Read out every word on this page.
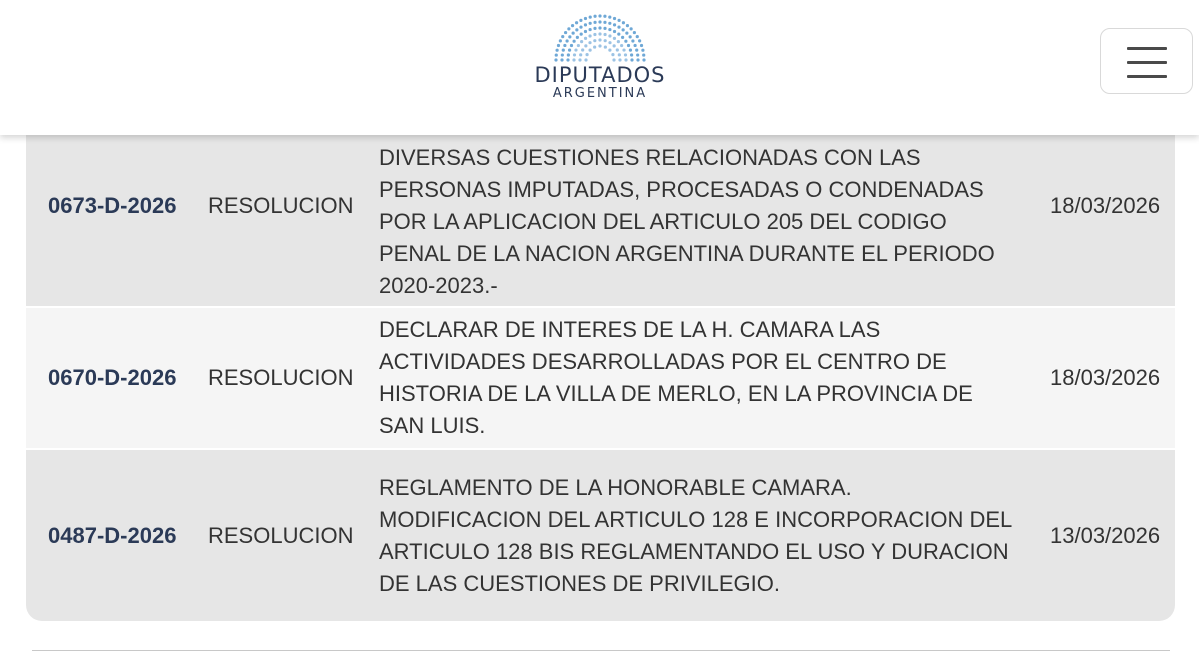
0673-D-2026 RESOLUCION
DIVERSAS CUESTIONES RELACIONADAS CON LAS PERSONAS IMPUTADAS, PROCESADAS O CONDENADAS POR LA APLICACION DEL ARTICULO 205 DEL CODIGO PENAL DE LA NACION ARGENTINA DURANTE EL PERIODO 2020-2023.-
18/03/2026
0670-D-2026 RESOLUCION
DECLARAR DE INTERES DE LA H. CAMARA LAS ACTIVIDADES DESARROLLADAS POR EL CENTRO DE HISTORIA DE LA VILLA DE MERLO, EN LA PROVINCIA DE SAN LUIS.
18/03/2026
0487-D-2026 RESOLUCION
REGLAMENTO DE LA HONORABLE CAMARA. MODIFICACION DEL ARTICULO 128 E INCORPORACION DEL ARTICULO 128 BIS REGLAMENTANDO EL USO Y DURACION DE LAS CUESTIONES DE PRIVILEGIO.
13/03/2026
DIPUTADOS
ARGENTINA
